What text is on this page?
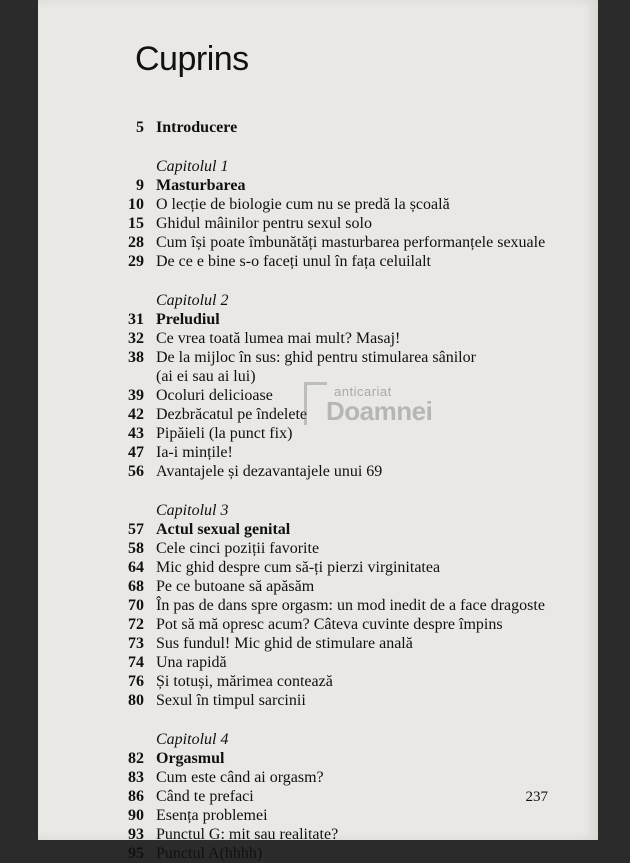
Cuprins
5 Introducere
Capitolul 1
9 Masturbarea
10 O lecție de biologie cum nu se predă la școală
15 Ghidul mâinilor pentru sexul solo
28 Cum își poate îmbunătăți masturbarea performanțele sexuale
29 De ce e bine s-o faceți unul în fața celuilalt
Capitolul 2
31 Preludiul
32 Ce vrea toată lumea mai mult? Masaj!
38 De la mijloc în sus: ghid pentru stimularea sânilor
(ai ei sau ai lui)
39 Ocoluri delicioase
42 Dezbrăcatul pe îndelete
43 Pipăieli (la punct fix)
47 Ia-i mințile!
56 Avantajele și dezavantajele unui 69
Capitolul 3
57 Actul sexual genital
58 Cele cinci poziții favorite
64 Mic ghid despre cum să-ți pierzi virginitatea
68 Pe ce butoane să apăsăm
70 În pas de dans spre orgasm: un mod inedit de a face dragoste
72 Pot să mă opresc acum? Câteva cuvinte despre împins
73 Sus fundul! Mic ghid de stimulare anală
74 Una rapidă
76 Și totuși, mărimea contează
80 Sexul în timpul sarcinii
Capitolul 4
82 Orgasmul
83 Cum este când ai orgasm?
86 Când te prefaci
90 Esența problemei
93 Punctul G: mit sau realitate?
95 Punctul A(hhhh)
anticariat
Doamnei
237
